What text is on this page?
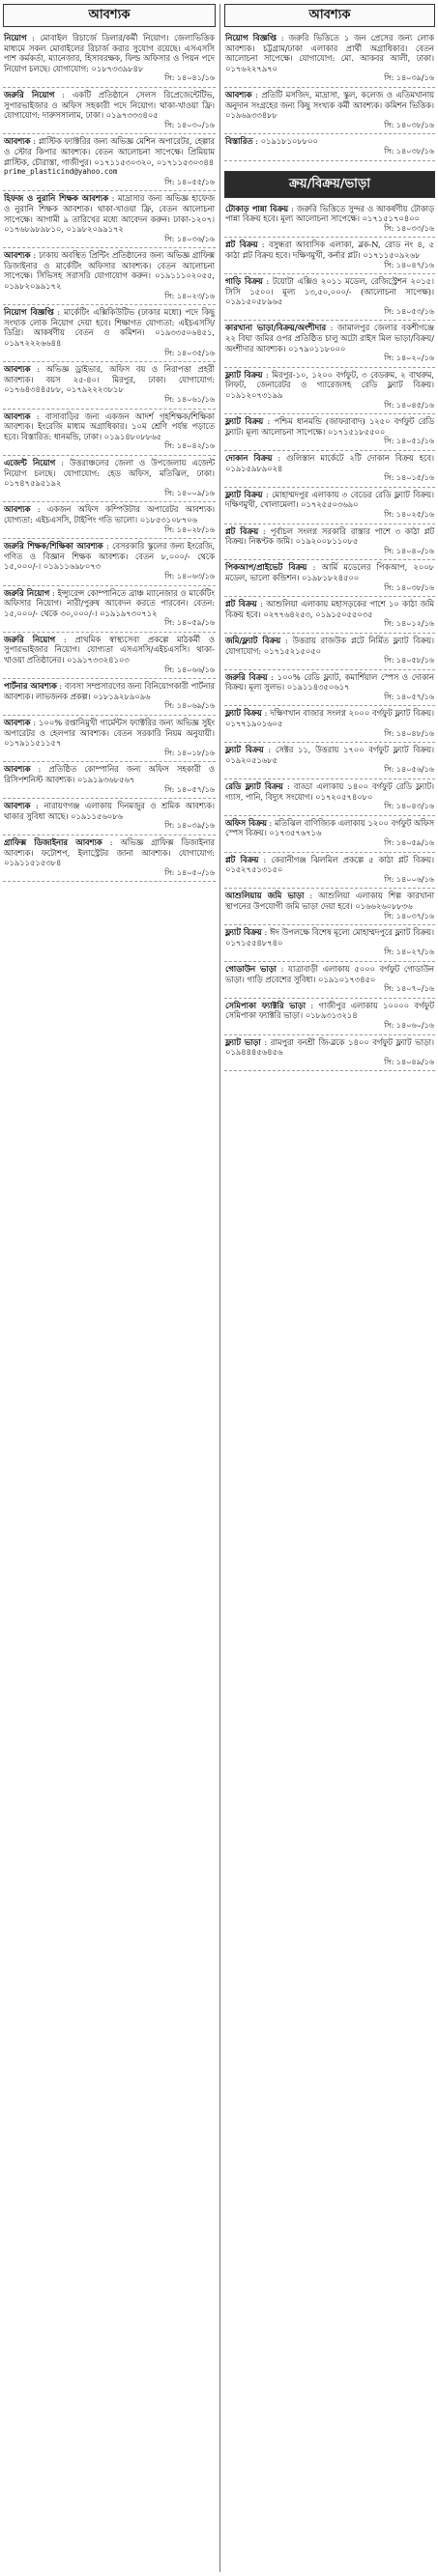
আবশ্যক
নিয়োগ : মোবাইল রিচার্জে ডিলার/কর্মী নিয়োগ। জেলাভিত্তিক মাধ্যমে সকল মোবাইলের রিচার্জ করার সুযোগ রয়েছে। এসএসসি পাশ কর্মকর্তা, ম্যানেজার, হিসাবরক্ষক, ফিল্ড অফিসার ও পিয়ন পদে নিয়োগ চলছে। যোগাযোগ: ০১৮৭৩৩৯৮৪৮
সি: ১৪০৪১/১৬
জরুরি নিয়োগ : একটি প্রতিষ্ঠানে সেলস রিপ্রেজেন্টেটিভ, সুপারভাইজার ও অফিস সহকারী পদে নিয়োগ। থাকা-খাওয়া ফ্রি। যোগাযোগ: দারুসসালাম, ঢাকা। ০১৯৭৩৩৩৪০৫
সি: ১৪০৩০/১৬
আবশ্যক : প্লাস্টিক ফ্যাক্টরির জন্য অভিজ্ঞ মেশিন অপারেটর, হেল্পার ও স্টোর কিপার আবশ্যক। বেতন আলোচনা সাপেক্ষে। প্রিমিয়াম প্লাস্টিক, চৌরাস্তা, গাজীপুর। ০১৭১১৫৩০৩২০, ০১৭১১৫৩০৩৪৪
prime_plasticind@yahoo.com
সি: ১৪০৫৫/১৬
হিফজ ও নুরানি শিক্ষক আবশ্যক : মাদ্রাসার জন্য অভিজ্ঞ হাফেজ ও নুরানি শিক্ষক আবশ্যক। থাকা-খাওয়া ফ্রি, বেতন আলোচনা সাপেক্ষে। আগামী ৯ তারিখের মধ্যে আবেদন করুন। ঢাকা-১২০৭। ০১৭৬৮৯৮৯৮১০, ০১৯৮২০৯৯১৭২
সি: ১৪০৩৬/১৬
আবশ্যক : ঢাকায় অবস্থিত প্রিন্টিং প্রতিষ্ঠানের জন্য অভিজ্ঞ গ্রাফিক্স ডিজাইনার ও মার্কেটিং অফিসার আবশ্যক। বেতন আলোচনা সাপেক্ষে। সিভিসহ সরাসরি যোগাযোগ করুন। ০১৯১১১০২০৫৫, ০১৯৮২০৯৯১৭২
সি: ১৪০২৩/১৬
নিয়োগ বিজ্ঞপ্তি : মার্কেটিং এক্সিকিউটিভ (ঢাকার মধ্যে) পদে কিছু সংখ্যক লোক নিয়োগ দেয়া হবে। শিক্ষাগত যোগ্যতা: এইচএসসি/ডিগ্রি। আকর্ষণীয় বেতন ও কমিশন। ০১৯৩৩৫০৬৪৫১, ০১৯৭২২২৬৬৪৪
সি: ১৪০৩৫/১৬
আবশ্যক : অভিজ্ঞ ড্রাইভার, অফিস বয় ও নিরাপত্তা প্রহরী আবশ্যক। বয়স ২৫-৪০। মিরপুর, ঢাকা। যোগাযোগ: ০১৭৬৪৩৪৪৫৮৮, ০১৭৯২২২৩৮১৮
সি: ১৪০৬১/১৬
আবশ্যক : বাসাবাড়ির জন্য একজন আদর্শ গৃহশিক্ষক/শিক্ষিকা আবশ্যক। ইংরেজি মাধ্যম অগ্রাধিকার। ১০ম শ্রেণি পর্যন্ত পড়াতে হবে। বিস্তারিত: ধানমন্ডি, ঢাকা। ০১৯১৪৮০৮৮৬৫
সি: ১৪০৪২/১৬
এজেন্ট নিয়োগ : উত্তরাঞ্চলের জেলা ও উপজেলায় এজেন্ট নিয়োগ চলছে। যোগাযোগ: হেড অফিস, মতিঝিল, ঢাকা। ০১৭৪৭৫৯৫১৯২
সি: ১৪০০৯/১৬
আবশ্যক : একজন অফিস কম্পিউটার অপারেটর আবশ্যক। যোগ্যতা: এইচএসসি, টাইপিং গতি ভালো। ০১৮৫৩১০৮৭০৬
সি: ১৪০২৮/১৬
জরুরি শিক্ষক/শিক্ষিকা আবশ্যক : বেসরকারি স্কুলের জন্য ইংরেজি, গণিত ও বিজ্ঞান শিক্ষক আবশ্যক। বেতন ৮,০০০/- থেকে ১৫,০০০/-। ০১৯১১৬৯৮০৭৩
সি: ১৪০৬৩/১৬
জরুরি নিয়োগ : ইন্স্যুরেন্স কোম্পানিতে ব্রাঞ্চ ম্যানেজার ও মার্কেটিং অফিসার নিয়োগ। নারী/পুরুষ আবেদন করতে পারবেন। বেতন: ১৫,০০০/- থেকে ৩০,০০০/-। ০১৯১৯৭৩০৭১২
সি: ১৪০৫৯/১৬
জরুরি নিয়োগ : প্রাথমিক স্বাস্থ্যসেবা প্রকল্পে মাঠকর্মী ও সুপারভাইজার নিয়োগ। যোগ্যতা এসএসসি/এইচএসসি। থাকা-খাওয়া প্রতিষ্ঠানের। ০১৯১৭৩৩২৪১০৩
সি: ১৪০৬৬/১৬
পার্টনার আবশ্যক : ব্যবসা সম্প্রসারণের জন্য বিনিয়োগকারী পার্টনার আবশ্যক। লাভজনক প্রকল্প। ০১৮১৯২৮৯০৯৬
সি: ১৪০৬৯/১৬
আবশ্যক : ১০০% রপ্তানিমুখী গার্মেন্টস ফ্যাক্টরির জন্য অভিজ্ঞ সুইং অপারেটর ও হেলপার আবশ্যক। বেতন সরকারি নিয়ম অনুযায়ী। ০১৭৯১১৫১১৫৭
সি: ১৪০১৮/১৬
আবশ্যক : প্রতিষ্ঠিত কোম্পানির জন্য অফিস সহকারী ও রিসিপশনিস্ট আবশ্যক। ০১৯১৯৩৬৮৫৬৭
সি: ১৪০৫৭/১৬
আবশ্যক : নারায়ণগঞ্জ এলাকায় দিনমজুর ও শ্রমিক আবশ্যক। থাকার সুবিধা আছে। ০১৯১১৫৬০৮৬
সি: ১৪০৩৯/১৬
গ্রাফিক্স ডিজাইনার আবশ্যক : অভিজ্ঞ গ্রাফিক্স ডিজাইনার আবশ্যক। ফটোশপ, ইলাস্ট্রেটর জানা আবশ্যক। যোগাযোগ: ০১৯১১৫১৫৩৮৪
সি: ১৪০৫০/১৬
আবশ্যক
নিয়োগ বিজ্ঞপ্তি : জরুরি ভিত্তিতে ১ জন প্রেসের জন্য লোক আবশ্যক। চট্টগ্রাম/ঢাকা এলাকার প্রার্থী অগ্রাধিকার। বেতন আলোচনা সাপেক্ষে। যোগাযোগ: মো. আকবর আলী, ঢাকা। ০১৭৬২২৭৯৭০
সি: ১৪০৩৯/১৬
আবশ্যক : প্রতিটি মসজিদ, মাদ্রাসা, স্কুল, কলেজ ও এতিমখানায় অনুদান সংগ্রহের জন্য কিছু সংখ্যক কর্মী আবশ্যক। কমিশন ভিত্তিক। ০১৯৬৯৩৩৪৮৮
সি: ১৪০৩৮/১৬
বিস্তারিত : ০১৯১৮১০৮৮০০
সি: ১৪০৩৮/১৬
ক্রয়/বিক্রয়/ভাড়া
টোকাড় পান্না বিক্রয় : জরুরি ভিত্তিতে সুন্দর ও আকর্ষণীয় টোকাড় পান্না বিক্রয় হবে। মূল্য আলোচনা সাপেক্ষে। ০১৭১৫১৭০৪০০
সি: ১৪০৩৩/১৬
প্লট বিক্রয় : বসুন্ধরা আবাসিক এলাকা, ব্লক-N, রোড নং ৪, ৫ কাঠা প্লট বিক্রয় হবে। দক্ষিণমুখী, কর্নার প্লট। ০১৭১১৫০৯২৬৮
সি: ১৪০৪৭/১৬
গাড়ি বিক্রয় : টয়োটা এক্সিও ২০১১ মডেল, রেজিস্ট্রেশন ২০১৫। সিসি ১৫০০। মূল্য ১৩,৫০,০০০/- (আলোচনা সাপেক্ষ)। ০১৯১৫০৫৮৯৬৫
সি: ১৪০৫৩/১৬
কারখানা ভাড়া/বিক্রয়/অংশীদার : জামালপুর জেলার বকশীগঞ্জে ২২ বিঘা জমির ওপর প্রতিষ্ঠিত চালু অটো রাইস মিল ভাড়া/বিক্রয়/অংশীদার আবশ্যক। ০১৭৯০১১৮০০০
সি: ১৪০২০/১৬
ফ্ল্যাট বিক্রয় : মিরপুর-১০, ১২০০ বর্গফুট, ৩ বেডরুম, ২ বাথরুম, লিফট, জেনারেটর ও গ্যারেজসহ রেডি ফ্ল্যাট বিক্রয়। ০১৯১২০৭৩১৯৯
সি: ১৪০৪৫/১৬
ফ্ল্যাট বিক্রয় : পশ্চিম ধানমন্ডি (জাফরাবাদ) ১২৫০ বর্গফুট রেডি ফ্ল্যাট। মূল্য আলোচনা সাপেক্ষে। ০১৭১৫১৮৫৫০০
সি: ১৪০৫১/১৬
দোকান বিক্রয় : গুলিস্তান মার্কেটে ২টি দোকান বিক্রয় হবে। ০১৯১৫৯৮৯০২৪
সি: ১৪০১৫/১৬
ফ্ল্যাট বিক্রয় : মোহাম্মদপুর এলাকায় ৩ বেডের রেডি ফ্ল্যাট বিক্রয়। দক্ষিণমুখী, খোলামেলা। ০১৭২৫৫০৩৬৯০
সি: ১৪০২৫/১৬
প্লট বিক্রয় : পূর্বাচল সংলগ্ন সরকারি রাস্তার পাশে ৩ কাঠা প্লট বিক্রয়। নিষ্কণ্টক জমি। ০১৯২০০৮১১০৮৫
সি: ১৪০৪০/১৬
পিকআপ/প্রাইভেট বিক্রয় : আর্মি মডেলের পিকআপ, ২০০৮ মডেল, ভালো কন্ডিশন। ০১৯৮১৮২৪৫০০
সি: ১৪০৩৮/১৬
প্লট বিক্রয় : আশুলিয়া এলাকায় মহাসড়কের পাশে ১০ কাঠা জমি বিক্রয় হবে। ০২৭৭৬৪২৫৩, ০১৯১৫০৫৫০৩৫
সি: ১৪০১২/১৬
জমি/ফ্ল্যাট বিক্রয় : উত্তরায় রাজউক প্লটে নির্মিত ফ্ল্যাট বিক্রয়। যোগাযোগ: ০১৭১৫২১৫০৫০
সি: ১৪০৫৮/১৬
জরুরি বিক্রয় : ১০০% রেডি ফ্ল্যাট, কমার্শিয়াল স্পেস ও দোকান বিক্রয়। মূল্য সুলভ। ০১৯১১৪৩৫০৬১৭
সি: ১৪০৫৭/১৬
ফ্ল্যাট বিক্রয় : দক্ষিণখান বাজার সংলগ্ন ২০০০ বর্গফুট ফ্ল্যাট বিক্রয়। ০১৭৭১৯০১৬০৫
সি: ১৪০৪৮/১৬
ফ্ল্যাট বিক্রয় : সেক্টর ১১, উত্তরায় ১৭০০ বর্গফুট ফ্ল্যাট বিক্রয়। ০১৯২০৫১৬৮৫
সি: ১৪০৫৬/১৬
রেডি ফ্ল্যাট বিক্রয় : বাড্ডা এলাকায় ১৪০০ বর্গফুট রেডি ফ্ল্যাট। গ্যাস, পানি, বিদ্যুৎ সংযোগ। ০১৭২০৫৭৪০৮০
সি: ১৪০৪৩/১৬
অফিস বিক্রয় : মতিঝিল বাণিজ্যিক এলাকায় ১২০০ বর্গফুট অফিস স্পেস বিক্রয়। ০১৭৩৫৭৬৭১৬
সি: ১৪০৫৯/১৬
প্লট বিক্রয় : কেরানীগঞ্জ ঝিলমিল প্রকল্পে ৫ কাঠা প্লট বিক্রয়। ০১৫২৭৫১৩১৫০
সি: ১৪০০৬/১৬
আশুলিয়ায় জমি ভাড়া : আশুলিয়া এলাকায় শিল্প কারখানা স্থাপনের উপযোগী জমি ভাড়া দেয়া হবে। ০১৬৬২৬০৮৮৩৬
সি: ১৪০৩৭/১৬
ফ্ল্যাট বিক্রয় : ঈদ উপলক্ষে বিশেষ মূল্যে মোহাম্মদপুরে ফ্ল্যাট বিক্রয়। ০১৭১৫৫৪৮৭৪০
সি: ১৪০২৭/১৬
গোডাউন ভাড়া : যাত্রাবাড়ী এলাকায় ৫০০০ বর্গফুট গোডাউন ভাড়া। গাড়ি প্রবেশের সুবিধা। ০১৯১০১৭৩৪৫০
সি: ১৪০৭০/১৬
সেমিপাকা ফ্যাক্টরি ভাড়া : গাজীপুর এলাকায় ১০০০০ বর্গফুট সেমিপাকা ফ্যাক্টরি ভাড়া। ০১৮৯৩১৩২১৪
সি: ১৪০৬০/১৬
ফ্ল্যাট ভাড়া : রামপুরা বনশ্রী জি-ব্লকে ১৪০০ বর্গফুট ফ্ল্যাট ভাড়া। ০১৯৪৪৪৫৬৪৫৬
সি: ১৪০৪৯/১৬
